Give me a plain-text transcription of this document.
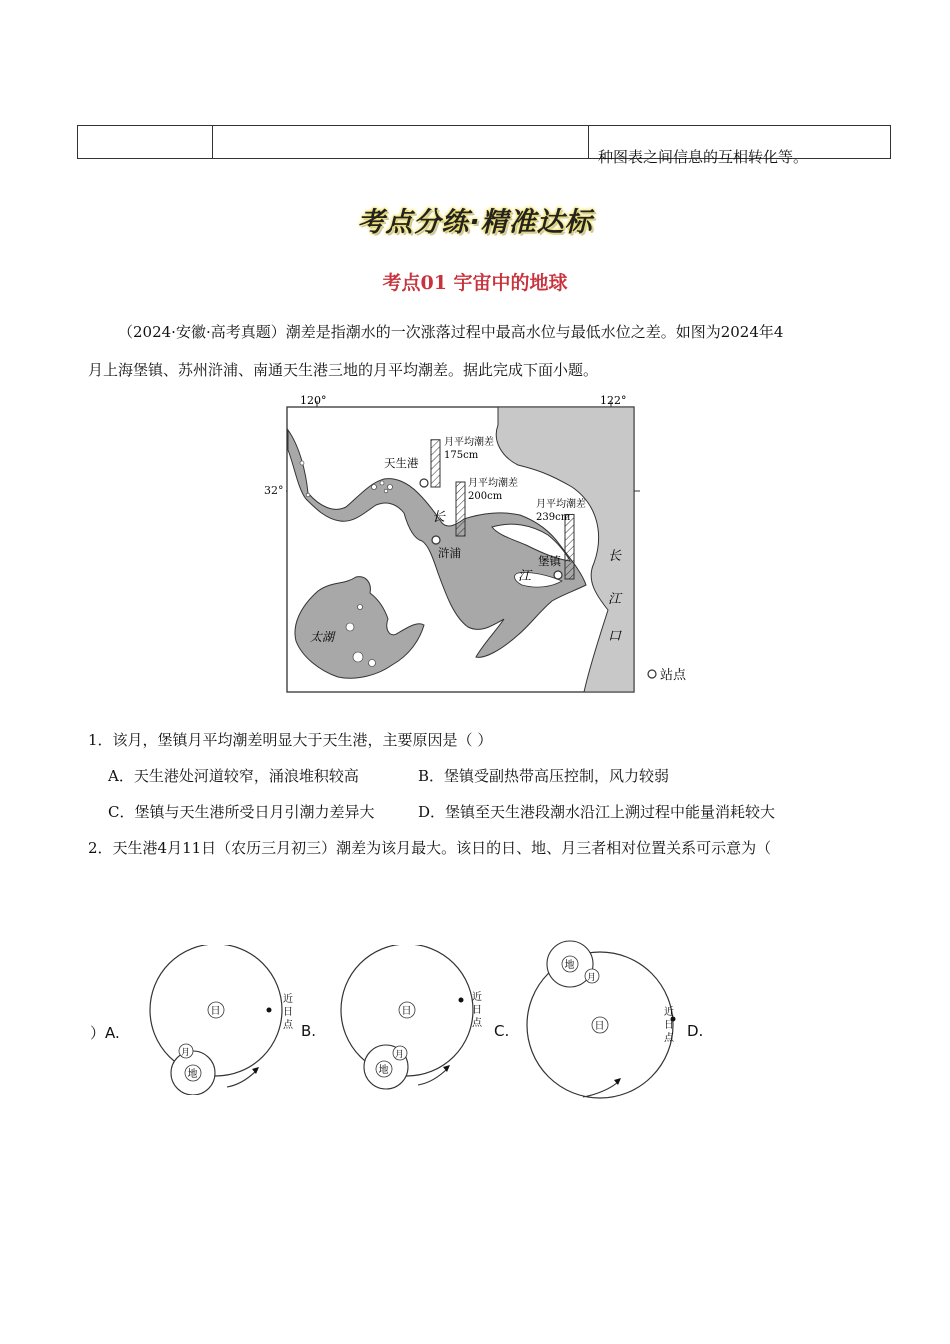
种图表之间信息的互相转化等。
考点分练·精准达标
考点01 宇宙中的地球
（2024·安徽·高考真题）潮差是指潮水的一次涨落过程中最高水位与最低水位之差。如图为2024年4
月上海堡镇、苏州浒浦、南通天生港三地的月平均潮差。据此完成下面小题。
120°	122°
太湖
天生港
浒浦
堡镇
月平均潮差
175cm
月平均潮差
200cm
月平均潮差
239cm
长
江
长
江
口
站点
32°
1．该月，堡镇月平均潮差明显大于天生港，主要原因是（ ）
A．天生港处河道较窄，涌浪堆积较高	B．堡镇受副热带高压控制，风力较弱
C．堡镇与天生港所受日月引潮力差异大	D．堡镇至天生港段潮水沿江上溯过程中能量消耗较大
2．天生港4月11日（农历三月初三）潮差为该月最大。该日的日、地、月三者相对位置关系可示意为（
日
近
日
点
地
月
）A.
日
近
日
点
地
月
B.	日
地
月
近
日
点
C.	D.
